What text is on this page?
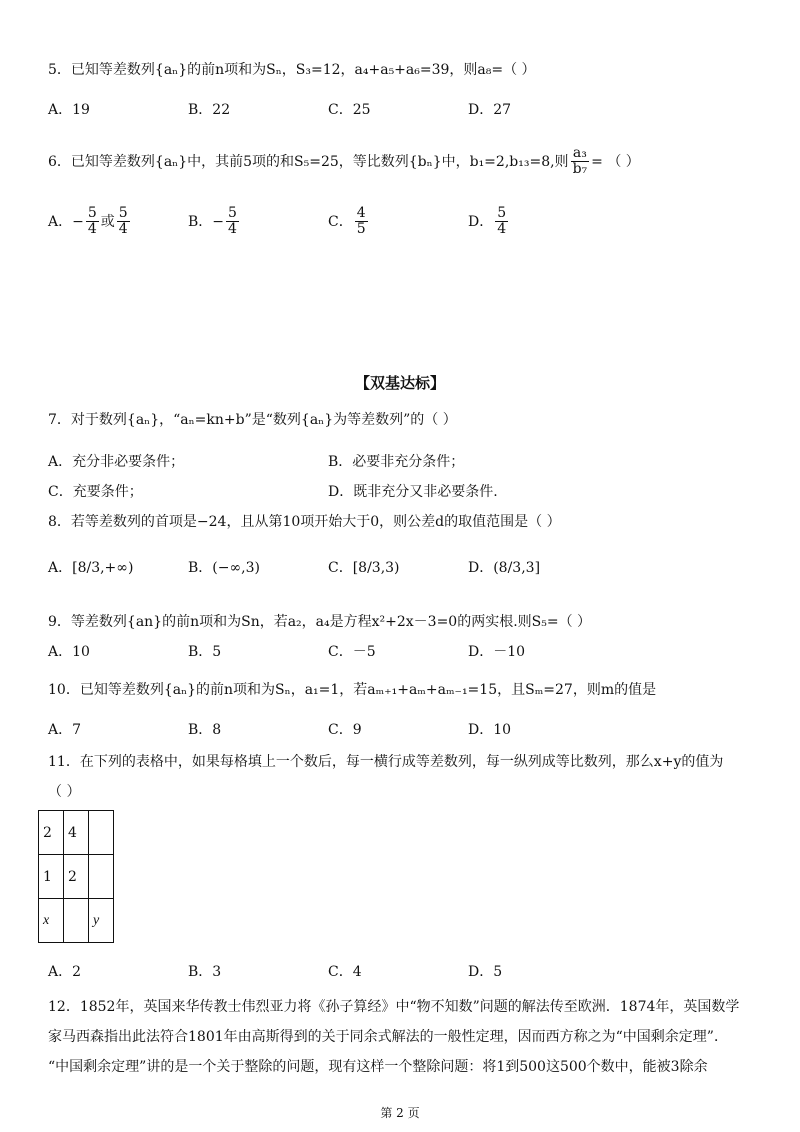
5．已知等差数列{aₙ}的前n项和为Sₙ，S₃=12，a₄+a₅+a₆=39，则a₈=（ ）
A．19	B．22	C．25	D．27
6．已知等差数列{aₙ}中，其前5项的和S₅=25，等比数列{bₙ}中，b₁=2,b₁₃=8,则 $\frac{\text{a₃}}{\text{b₇}}$ = （ ）
A．− $\frac{5}{4}$ 或 $\frac{5}{4}$	B．− $\frac{5}{4}$	C． $\frac{4}{5}$	D． $\frac{5}{4}$
【双基达标】
7．对于数列{aₙ}，“aₙ=kn+b”是“数列{aₙ}为等差数列”的（ ）
A．充分非必要条件；	B．必要非充分条件；
C．充要条件；	D．既非充分又非必要条件.
8．若等差数列的首项是−24，且从第10项开始大于0，则公差d的取值范围是（ ）
A．[8/3,+∞)	B．(−∞,3)	C．[8/3,3)	D．(8/3,3]
9．等差数列{an}的前n项和为Sn，若a₂，a₄是方程x²+2x－3=0的两实根.则S₅=（ ）
A．10	B．5	C．－5	D．－10
10．已知等差数列{aₙ}的前n项和为Sₙ，a₁=1，若aₘ₊₁+aₘ+aₘ₋₁=15，且Sₘ=27，则m的值是
A．7	B．8	C．9	D．10
11．在下列的表格中，如果每格填上一个数后，每一横行成等差数列，每一纵列成等比数列，那么x+y的值为
（ ）
2	4	
1	2	
x		y
A．2	B．3	C．4	D．5
12．1852年，英国来华传教士伟烈亚力将《孙子算经》中“物不知数”问题的解法传至欧洲．1874年，英国数学
家马西森指出此法符合1801年由高斯得到的关于同余式解法的一般性定理，因而西方称之为“中国剩余定理”．
“中国剩余定理”讲的是一个关于整除的问题，现有这样一个整除问题：将1到500这500个数中，能被3除余
第 2 页
